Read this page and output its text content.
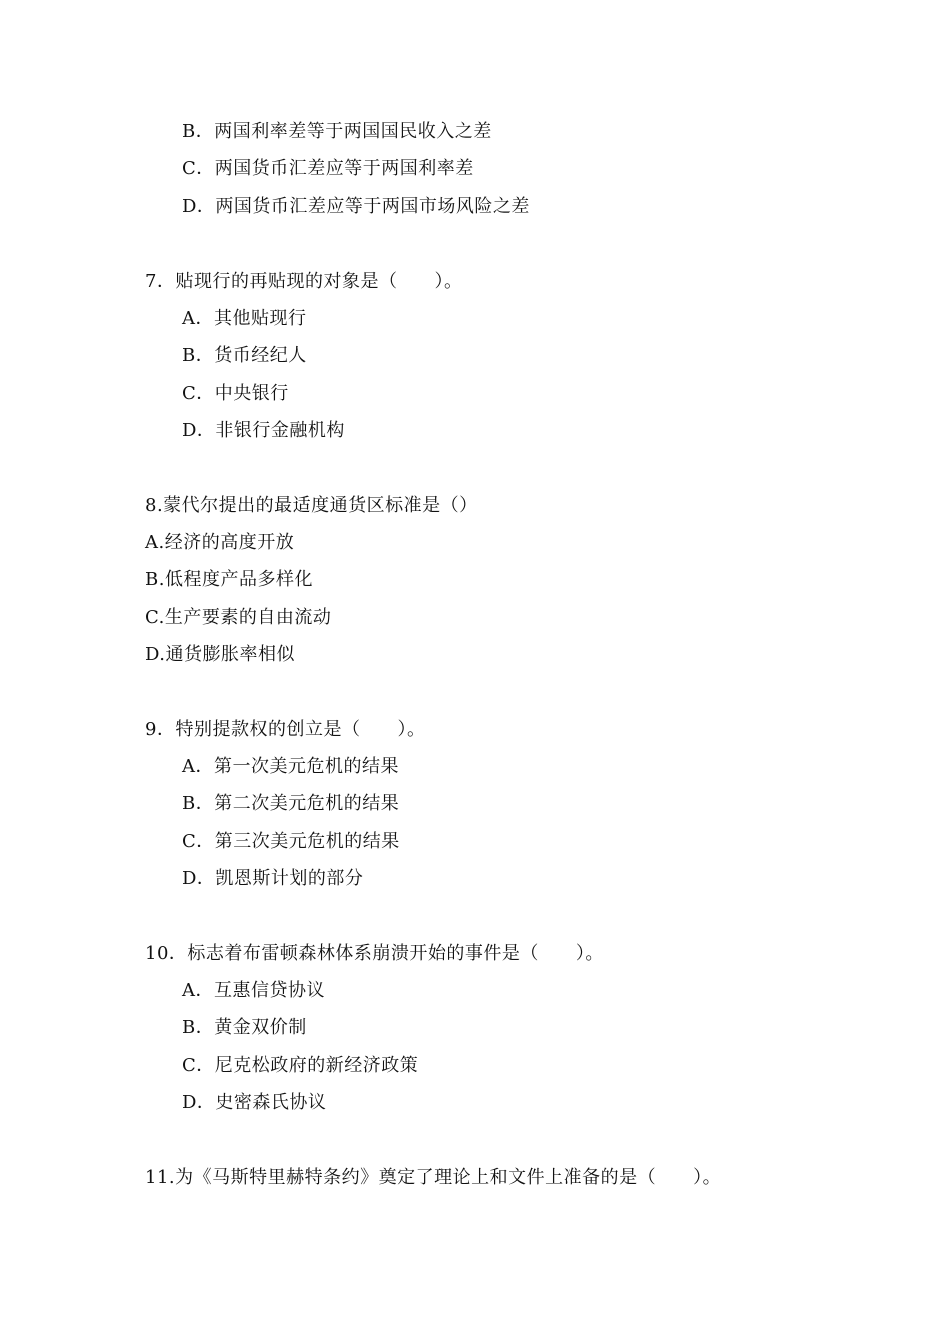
B．两国利率差等于两国国民收入之差
C．两国货币汇差应等于两国利率差
D．两国货币汇差应等于两国市场风险之差
7．贴现行的再贴现的对象是（　　）。
A．其他贴现行
B．货币经纪人
C．中央银行
D．非银行金融机构
8.蒙代尔提出的最适度通货区标准是（）
A.经济的高度开放
B.低程度产品多样化
C.生产要素的自由流动
D.通货膨胀率相似
9．特别提款权的创立是（　　）。
A．第一次美元危机的结果
B．第二次美元危机的结果
C．第三次美元危机的结果
D．凯恩斯计划的部分
10．标志着布雷顿森林体系崩溃开始的事件是（　　）。
A．互惠信贷协议
B．黄金双价制
C．尼克松政府的新经济政策
D．史密森氏协议
11.为《马斯特里赫特条约》奠定了理论上和文件上准备的是（　　）。
